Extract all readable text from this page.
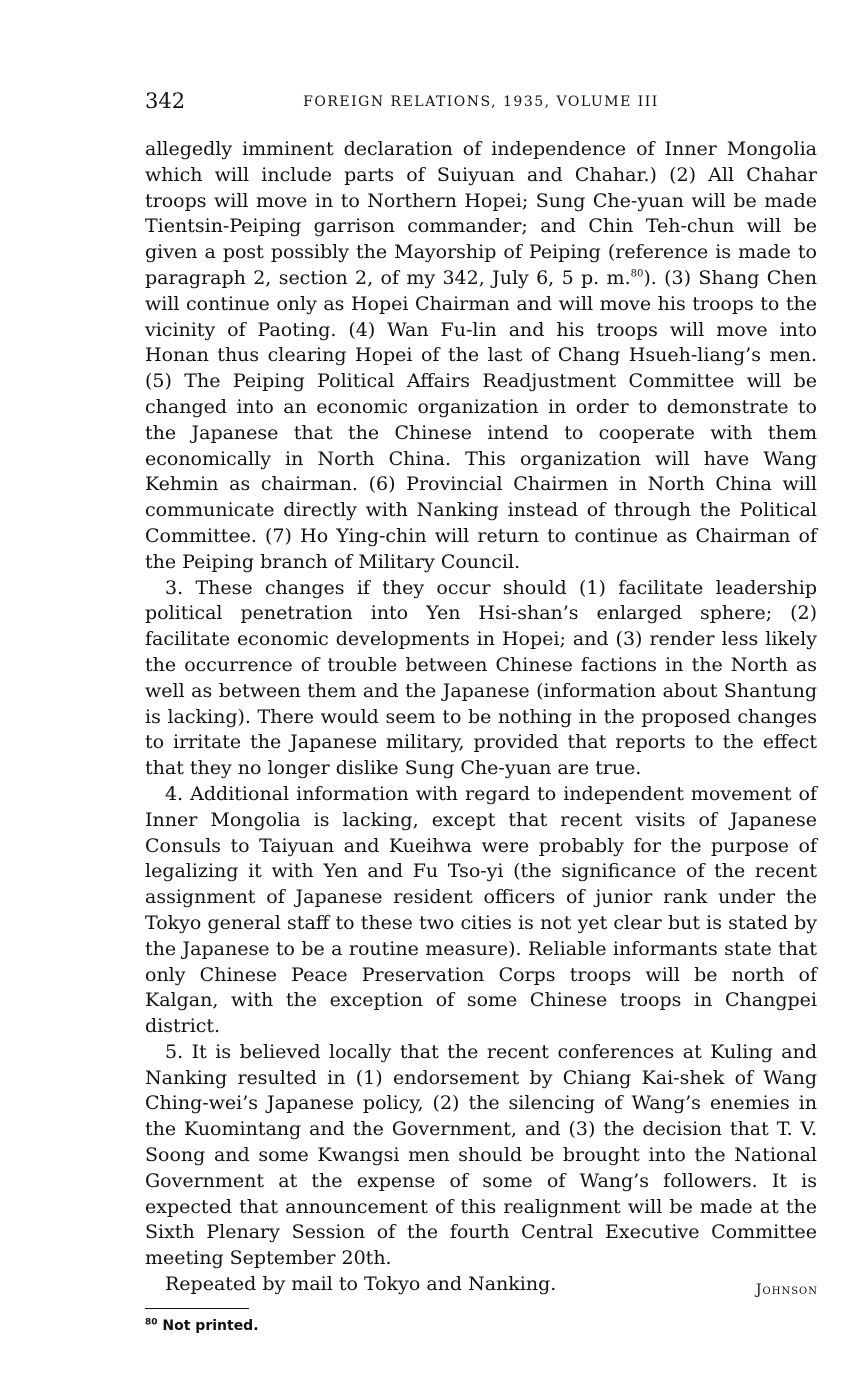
342	FOREIGN RELATIONS, 1935, VOLUME III

allegedly imminent declaration of independence of Inner Mongolia which will include parts of Suiyuan and Chahar.) (2) All Chahar troops will move in to Northern Hopei; Sung Che-yuan will be made Tientsin-Peiping garrison commander; and Chin Teh-chun will be given a post possibly the Mayorship of Peiping (reference is made to paragraph 2, section 2, of my 342, July 6, 5 p. m.$^{80}$). (3) Shang Chen will continue only as Hopei Chairman and will move his troops to the vicinity of Paoting. (4) Wan Fu-lin and his troops will move into Honan thus clearing Hopei of the last of Chang Hsueh-liang’s men. (5) The Peiping Political Affairs Readjustment Committee will be changed into an economic organization in order to demonstrate to the Japanese that the Chinese intend to cooperate with them economically in North China. This organization will have Wang Kehmin as chairman. (6) Provincial Chairmen in North China will communicate directly with Nanking instead of through the Political Committee. (7) Ho Ying-chin will return to continue as Chairman of the Peiping branch of Military Council.

3. These changes if they occur should (1) facilitate leadership political penetration into Yen Hsi-shan’s enlarged sphere; (2) facilitate economic developments in Hopei; and (3) render less likely the occurrence of trouble between Chinese factions in the North as well as between them and the Japanese (information about Shantung is lacking). There would seem to be nothing in the proposed changes to irritate the Japanese military, provided that reports to the effect that they no longer dislike Sung Che-yuan are true.

4. Additional information with regard to independent movement of Inner Mongolia is lacking, except that recent visits of Japanese Consuls to Taiyuan and Kueihwa were probably for the purpose of legalizing it with Yen and Fu Tso-yi (the significance of the recent assignment of Japanese resident officers of junior rank under the Tokyo general staff to these two cities is not yet clear but is stated by the Japanese to be a routine measure). Reliable informants state that only Chinese Peace Preservation Corps troops will be north of Kalgan, with the exception of some Chinese troops in Changpei district.

5. It is believed locally that the recent conferences at Kuling and Nanking resulted in (1) endorsement by Chiang Kai-shek of Wang Ching-wei’s Japanese policy, (2) the silencing of Wang’s enemies in the Kuomintang and the Government, and (3) the decision that T. V. Soong and some Kwangsi men should be brought into the National Government at the expense of some of Wang’s followers. It is expected that announcement of this realignment will be made at the Sixth Plenary Session of the fourth Central Executive Committee meeting September 20th.

Repeated by mail to Tokyo and Nanking.	Johnson
$^{80}$ Not printed.
